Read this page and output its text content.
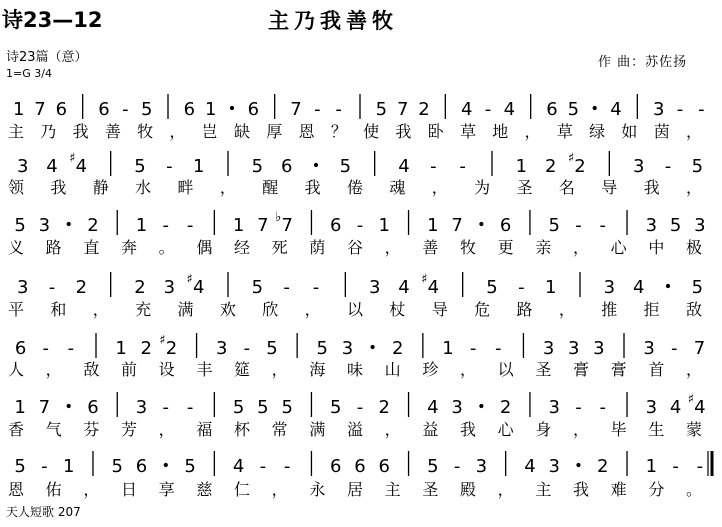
诗23—12	主乃我善牧
诗23篇（意）	作 曲：苏佐扬
1=G 3/4
1 7 6 6 - 5 6 1 6 7 - - 5 7 2 4 - 4 6 5 4 3 - -
主乃我善牧，岂缺厚恩？使我卧草地，草绿如茵，
3 4 ♯ 4	5 - 1	5 6	5	4 - -	1 2 ♯ 2	3 - 5
领我静水畔，醒我倦魂，为圣名导我，
5 3 2 1 - - 1 7 ♭ 7 6 - 1 1 7 6 5 - - 3 5 3
义路直奔。偶经死荫谷，善牧更亲，心中极
3 - 2	2 3 ♯ 4	5 - -	3 4 ♯ 4	5 - 1	3 4	5
平和，充满欢欣，以杖导危路，推拒敌
6 - - 1 2 ♯ 2 3 - 5 5 3 2 1 - - 3 3 3 3 - 7
人，敌前设丰筵，海味山珍，以圣膏膏首，
1 7 6 3 - - 5 5 5 5 - 2 4 3 2 3 - - 3 4 ♯ 4
香气芬芳，福杯常满溢，益我心身，毕生蒙
5 - 1 5 6 5 4 - - 6 6 6 5 - 3 4 3 2 1 - -
恩佑，日享慈仁，永居主圣殿，主我难分。
天人短歌 207
